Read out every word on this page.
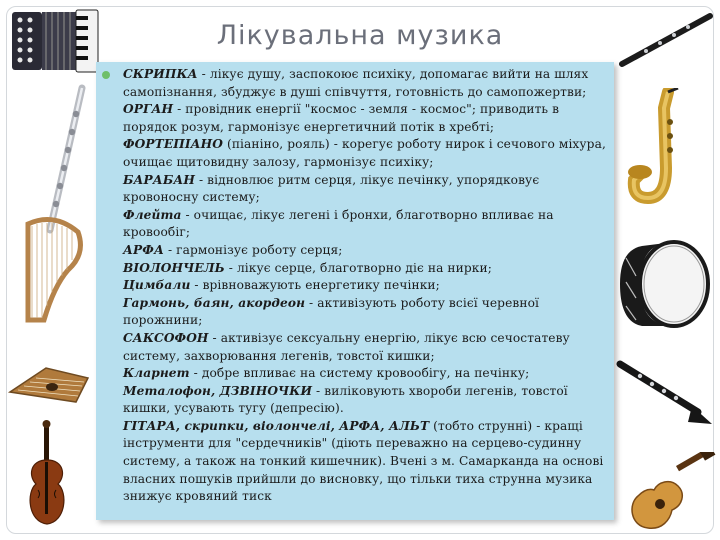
Лікувальна музика

СКРИПКА - лікує душу, заспокоює психіку, допомагає вийти на шлях самопізнання, збуджує в душі співчуття, готовність до самопожертви;

ОРГАН - провідник енергії "космос - земля - космос"; приводить в порядок розум, гармонізує енергетичний потік в хребті;

ФОРТЕПІАНО (піаніно, рояль) - корегує роботу нирок і сечового міхура, очищає щитовидну залозу, гармонізує психіку;

БАРАБАН - відновлює ритм серця, лікує печінку, упорядковує кровоносну систему;

Флейта - очищає, лікує легені і бронхи, благотворно впливає на кровообіг;

АРФА - гармонізує роботу серця;

ВІОЛОНЧЕЛЬ - лікує серце, благотворно діє на нирки;

Цимбали - врівноважують енергетику печінки;

Гармонь, баян, акордеон - активізують роботу всієї черевної порожнини;

САКСОФОН - активізує сексуальну енергію, лікує всю сечостатеву систему, захворювання легенів, товстої кишки;

Кларнет - добре впливає на систему кровообігу, на печінку;

Металофон, ДЗВІНОЧКИ - виліковують хвороби легенів, товстої кишки, усувають тугу (депресію).

ГІТАРА, скрипки, віолончелі, АРФА, АЛЬТ (тобто струнні) - кращі інструменти для "сердечників" (діють переважно на серцево-судинну систему, а також на тонкий кишечник). Вчені з м. Самарканда на основі власних пошуків прийшли до висновку, що тільки тиха струнна музика знижує кровяний тиск
